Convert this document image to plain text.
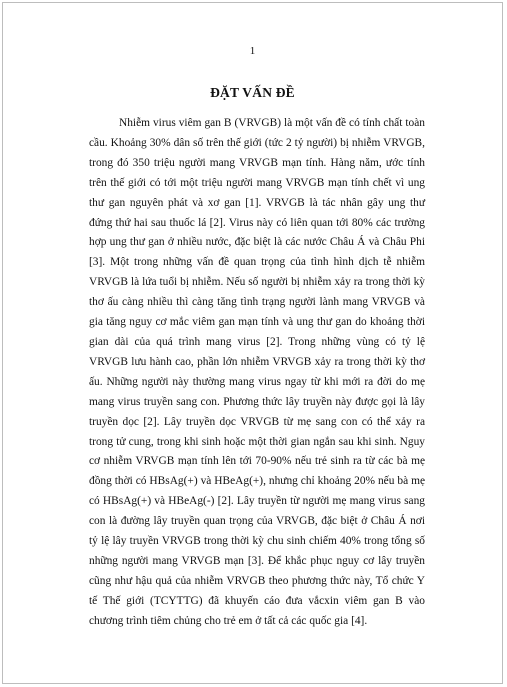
1
ĐẶT VẤN ĐỀ

Nhiễm virus viêm gan B (VRVGB) là một vấn đề có tính chất toàn cầu. Khoảng 30% dân số trên thế giới (tức 2 tỷ người) bị nhiễm VRVGB, trong đó 350 triệu người mang VRVGB mạn tính. Hàng năm, ước tính trên thế giới có tới một triệu người mang VRVGB mạn tính chết vì ung thư gan nguyên phát và xơ gan [1]. VRVGB là tác nhân gây ung thư đứng thứ hai sau thuốc lá [2]. Virus này có liên quan tới 80% các trường hợp ung thư gan ở nhiều nước, đặc biệt là các nước Châu Á và Châu Phi [3]. Một trong những vấn đề quan trọng của tình hình dịch tễ nhiễm VRVGB là lứa tuổi bị nhiễm. Nếu số người bị nhiễm xảy ra trong thời kỳ thơ ấu càng nhiều thì càng tăng tình trạng người lành mang VRVGB và gia tăng nguy cơ mắc viêm gan mạn tính và ung thư gan do khoảng thời gian dài của quá trình mang virus [2]. Trong những vùng có tỷ lệ VRVGB lưu hành cao, phần lớn nhiễm VRVGB xảy ra trong thời kỳ thơ ấu. Những người này thường mang virus ngay từ khi mới ra đời do mẹ mang virus truyền sang con. Phương thức lây truyền này được gọi là lây truyền dọc [2]. Lây truyền dọc VRVGB từ mẹ sang con có thể xảy ra trong tử cung, trong khi sinh hoặc một thời gian ngắn sau khi sinh. Nguy cơ nhiễm VRVGB mạn tính lên tới 70-90% nếu trẻ sinh ra từ các bà mẹ đồng thời có HBsAg(+) và HBeAg(+), nhưng chỉ khoảng 20% nếu bà mẹ có HBsAg(+) và HBeAg(-) [2]. Lây truyền từ người mẹ mang virus sang con là đường lây truyền quan trọng của VRVGB, đặc biệt ở Châu Á nơi tỷ lệ lây truyền VRVGB trong thời kỳ chu sinh chiếm 40% trong tổng số những người mang VRVGB mạn [3]. Để khắc phục nguy cơ lây truyền cũng như hậu quả của nhiễm VRVGB theo phương thức này, Tổ chức Y tế Thế giới (TCYTTG) đã khuyến cáo đưa vắcxin viêm gan B vào chương trình tiêm chủng cho trẻ em ở tất cả các quốc gia [4].
